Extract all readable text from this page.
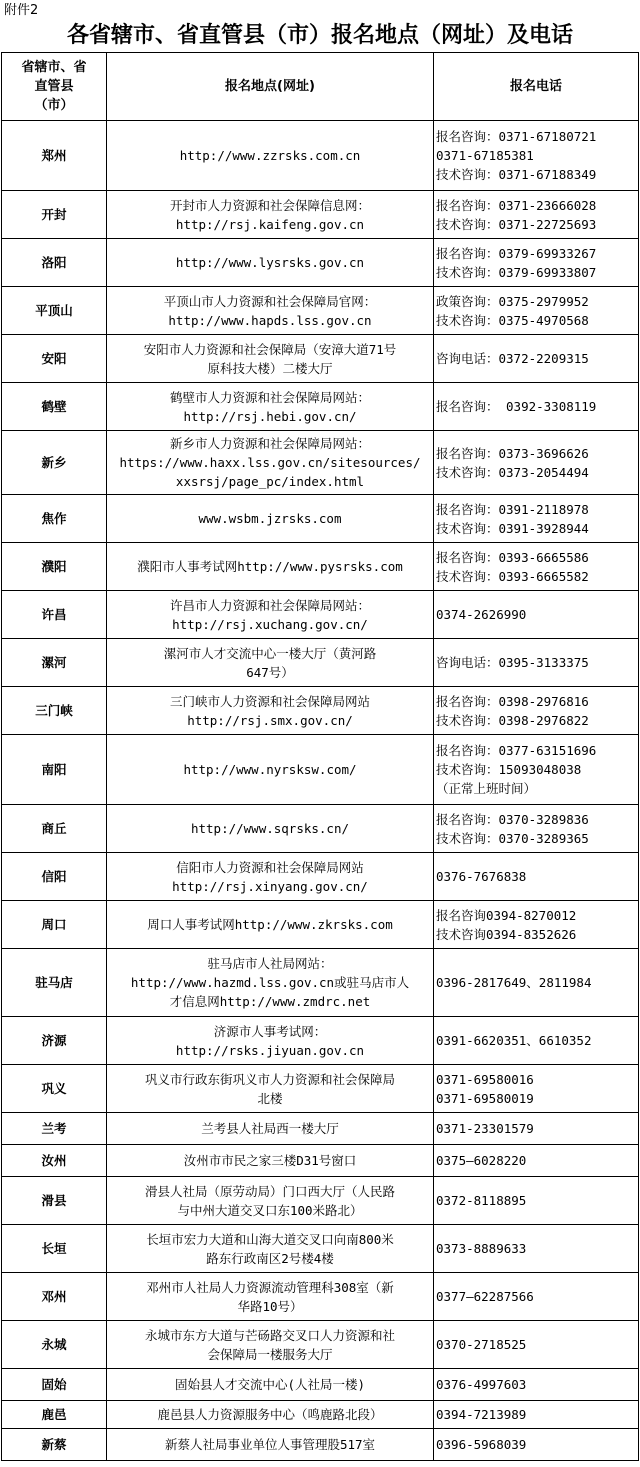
附件2
各省辖市、省直管县（市）报名地点（网址）及电话
省辖市、省
直管县
（市）	报名地点(网址)	报名电话
郑州	http://www.zzrsks.com.cn	报名咨询：0371-67180721
0371-67185381
技术咨询：0371-67188349
开封	开封市人力资源和社会保障信息网：
http://rsj.kaifeng.gov.cn	报名咨询：0371-23666028
技术咨询：0371-22725693
洛阳	http://www.lysrsks.gov.cn	报名咨询：0379-69933267
技术咨询：0379-69933807
平顶山	平顶山市人力资源和社会保障局官网：
http://www.hapds.lss.gov.cn	政策咨询：0375-2979952
技术咨询：0375-4970568
安阳	安阳市人力资源和社会保障局（安漳大道71号
原科技大楼）二楼大厅	咨询电话：0372-2209315
鹤壁	鹤壁市人力资源和社会保障局网站：
http://rsj.hebi.gov.cn/	报名咨询： 0392-3308119
新乡	新乡市人力资源和社会保障局网站：
https://www.haxx.lss.gov.cn/sitesources/
xxsrsj/page_pc/index.html	报名咨询：0373-3696626
技术咨询：0373-2054494
焦作	www.wsbm.jzrsks.com	报名咨询：0391-2118978
技术咨询：0391-3928944
濮阳	濮阳市人事考试网http://www.pysrsks.com	报名咨询：0393-6665586
技术咨询：0393-6665582
许昌	许昌市人力资源和社会保障局网站：
http://rsj.xuchang.gov.cn/	0374-2626990
漯河	漯河市人才交流中心一楼大厅（黄河路
647号）	咨询电话：0395-3133375
三门峡	三门峡市人力资源和社会保障局网站
http://rsj.smx.gov.cn/	报名咨询：0398-2976816
技术咨询：0398-2976822
南阳	http://www.nyrsksw.com/	报名咨询：0377-63151696
技术咨询：15093048038
（正常上班时间）
商丘	http://www.sqrsks.cn/	报名咨询：0370-3289836
技术咨询：0370-3289365
信阳	信阳市人力资源和社会保障局网站
http://rsj.xinyang.gov.cn/	0376-7676838
周口	周口人事考试网http://www.zkrsks.com	报名咨询0394-8270012
技术咨询0394-8352626
驻马店	驻马店市人社局网站：
http://www.hazmd.lss.gov.cn或驻马店市人
才信息网http://www.zmdrc.net	0396-2817649、2811984
济源	济源市人事考试网：
http://rsks.jiyuan.gov.cn	0391-6620351、6610352
巩义	巩义市行政东街巩义市人力资源和社会保障局
北楼	0371-69580016
0371-69580019
兰考	兰考县人社局西一楼大厅	0371-23301579
汝州	汝州市市民之家三楼D31号窗口	0375—6028220
滑县	滑县人社局（原劳动局）门口西大厅（人民路
与中州大道交叉口东100米路北）	0372-8118895
长垣	长垣市宏力大道和山海大道交叉口向南800米
路东行政南区2号楼4楼	0373-8889633
邓州	邓州市人社局人力资源流动管理科308室（新
华路10号）	0377—62287566
永城	永城市东方大道与芒砀路交叉口人力资源和社
会保障局一楼服务大厅	0370-2718525
固始	固始县人才交流中心(人社局一楼)	0376-4997603
鹿邑	鹿邑县人力资源服务中心（鸣鹿路北段）	0394-7213989
新蔡	新蔡人社局事业单位人事管理股517室	0396-5968039
